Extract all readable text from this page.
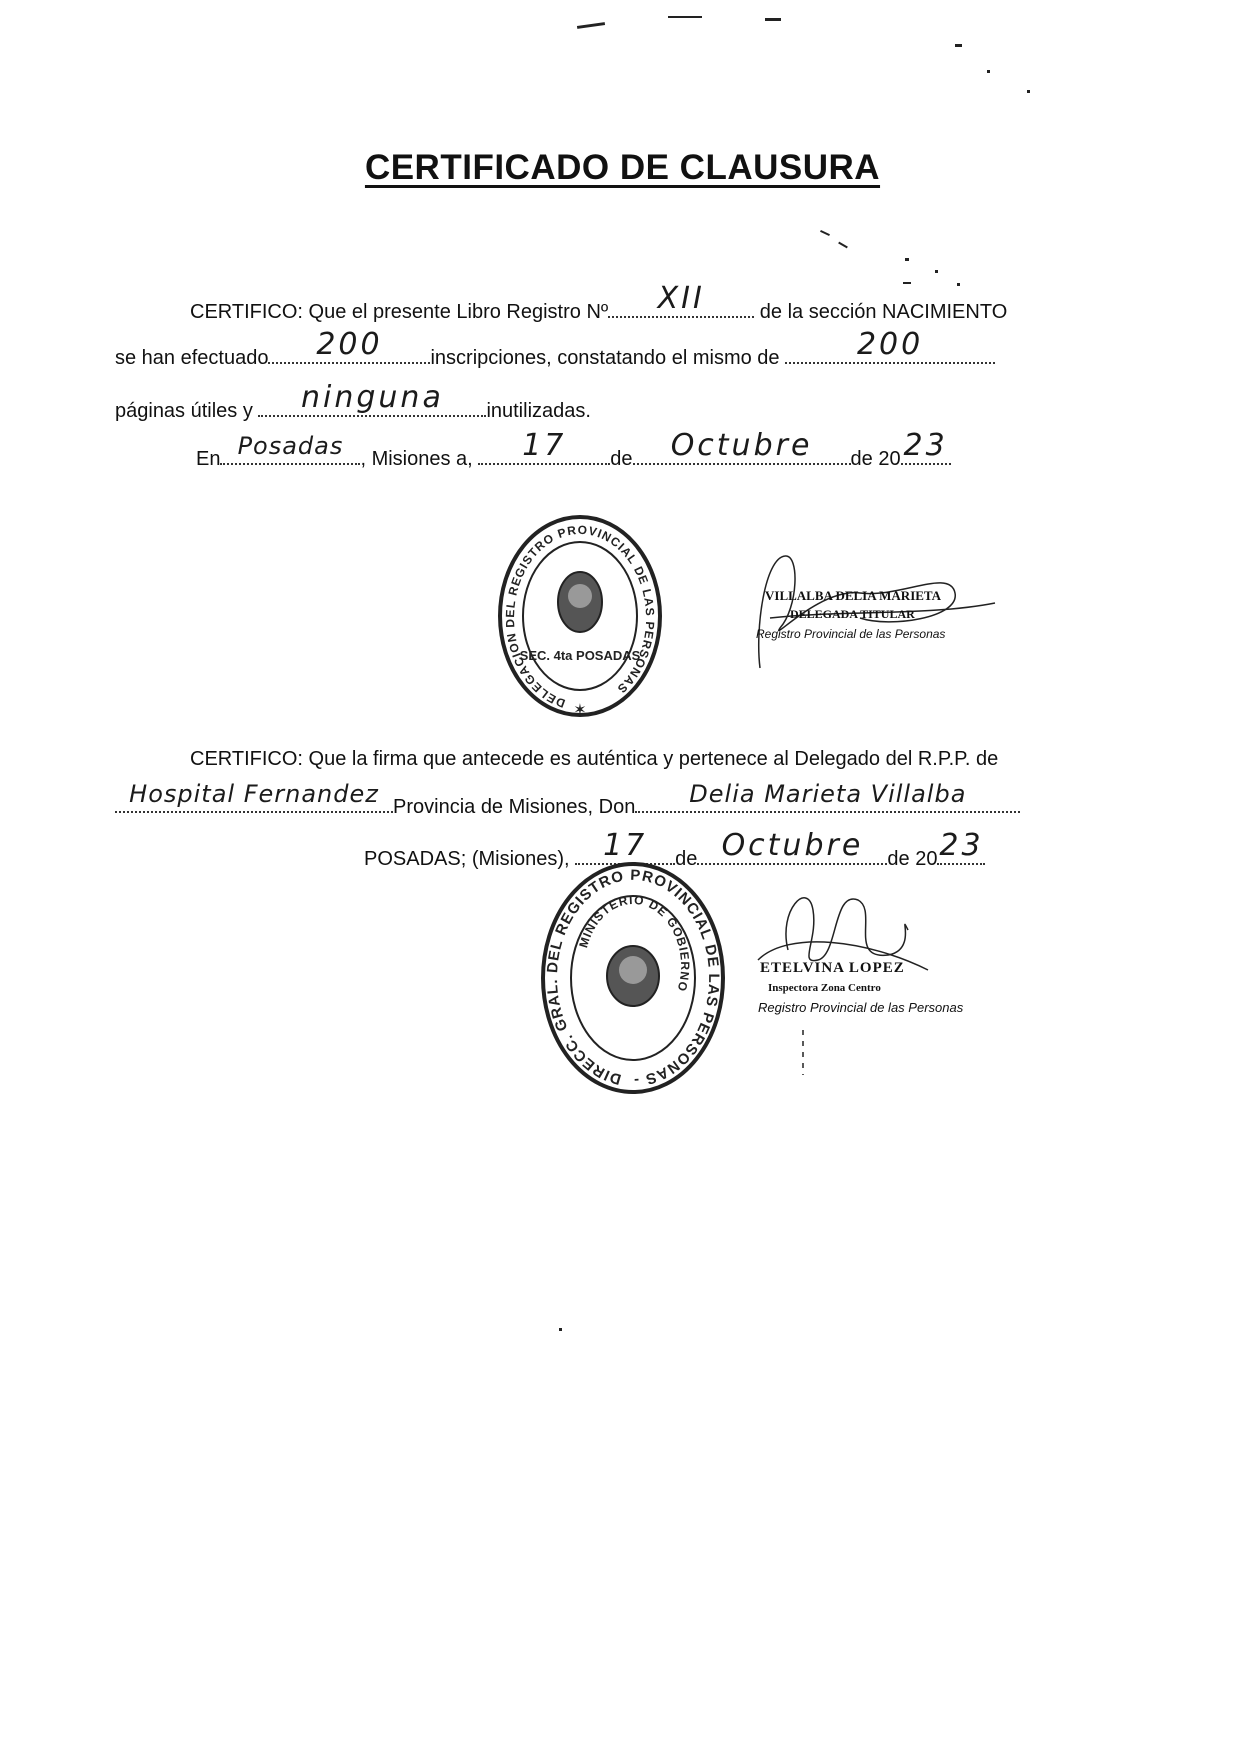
CERTIFICADO DE CLAUSURA
CERTIFICO: Que el presente Libro Registro Nº	XII	de la sección NACIMIENTO
se han efectuado	200	inscripciones, constatando el mismo de	200
páginas útiles y	ninguna	inutilizadas.
En Posadas , Misiones a,	17	de	Octubre	de 20 23
DELEGACION DEL REGISTRO PROVINCIAL DE LAS PERSONAS
SEC. 4ta POSADAS
✶
VILLALBA DELIA MARIETA
DELEGADA TITULAR
Registro Provincial de las Personas
CERTIFICO: Que la firma que antecede es auténtica y pertenece al Delegado del R.P.P. de
Hospital Fernandez Provincia de Misiones, Don	Delia Marieta Villalba
POSADAS; (Misiones),	17	de Octubre	de 20 23
DIRECC. GRAL. DEL REGISTRO PROVINCIAL DE LAS PERSONAS -
MINISTERIO DE GOBIERNO
ETELVINA LOPEZ
Inspectora Zona Centro
Registro Provincial de las Personas
